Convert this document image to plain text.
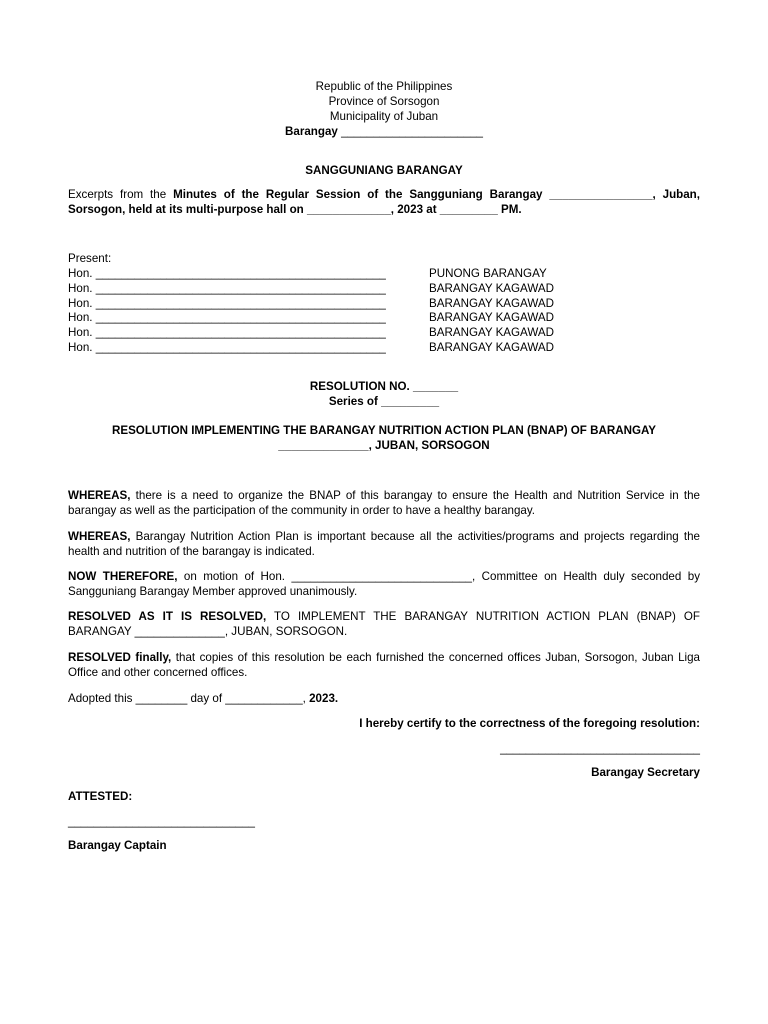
Republic of the Philippines

Province of Sorsogon

Municipality of Juban

Barangay ______________________

SANGGUNIANG BARANGAY
Excerpts from the Minutes of the Regular Session of the Sangguniang Barangay ________________, Juban, Sorsogon, held at its multi-purpose hall on _____________, 2023 at _________ PM.

Present:

Hon. _____________________________________________	PUNONG BARANGAY
Hon. _____________________________________________	BARANGAY KAGAWAD
Hon. _____________________________________________	BARANGAY KAGAWAD
Hon. _____________________________________________	BARANGAY KAGAWAD
Hon. _____________________________________________	BARANGAY KAGAWAD
Hon. _____________________________________________	BARANGAY KAGAWAD

RESOLUTION NO. _______

Series of _________

RESOLUTION IMPLEMENTING THE BARANGAY NUTRITION ACTION PLAN (BNAP) OF BARANGAY

______________, JUBAN, SORSOGON

WHEREAS, there is a need to organize the BNAP of this barangay to ensure the Health and Nutrition Service in the barangay as well as the participation of the community in order to have a healthy barangay.
WHEREAS, Barangay Nutrition Action Plan is important because all the activities/programs and projects regarding the health and nutrition of the barangay is indicated.
NOW THEREFORE, on motion of Hon. ____________________________, Committee on Health duly seconded by Sangguniang Barangay Member approved unanimously.
RESOLVED AS IT IS RESOLVED, TO IMPLEMENT THE BARANGAY NUTRITION ACTION PLAN (BNAP) OF BARANGAY ______________, JUBAN, SORSOGON.
RESOLVED finally, that copies of this resolution be each furnished the concerned offices Juban, Sorsogon, Juban Liga Office and other concerned offices.
Adopted this ________ day of ____________, 2023.
I hereby certify to the correctness of the foregoing resolution:
_______________________________
Barangay Secretary
ATTESTED:
_____________________________
Barangay Captain
